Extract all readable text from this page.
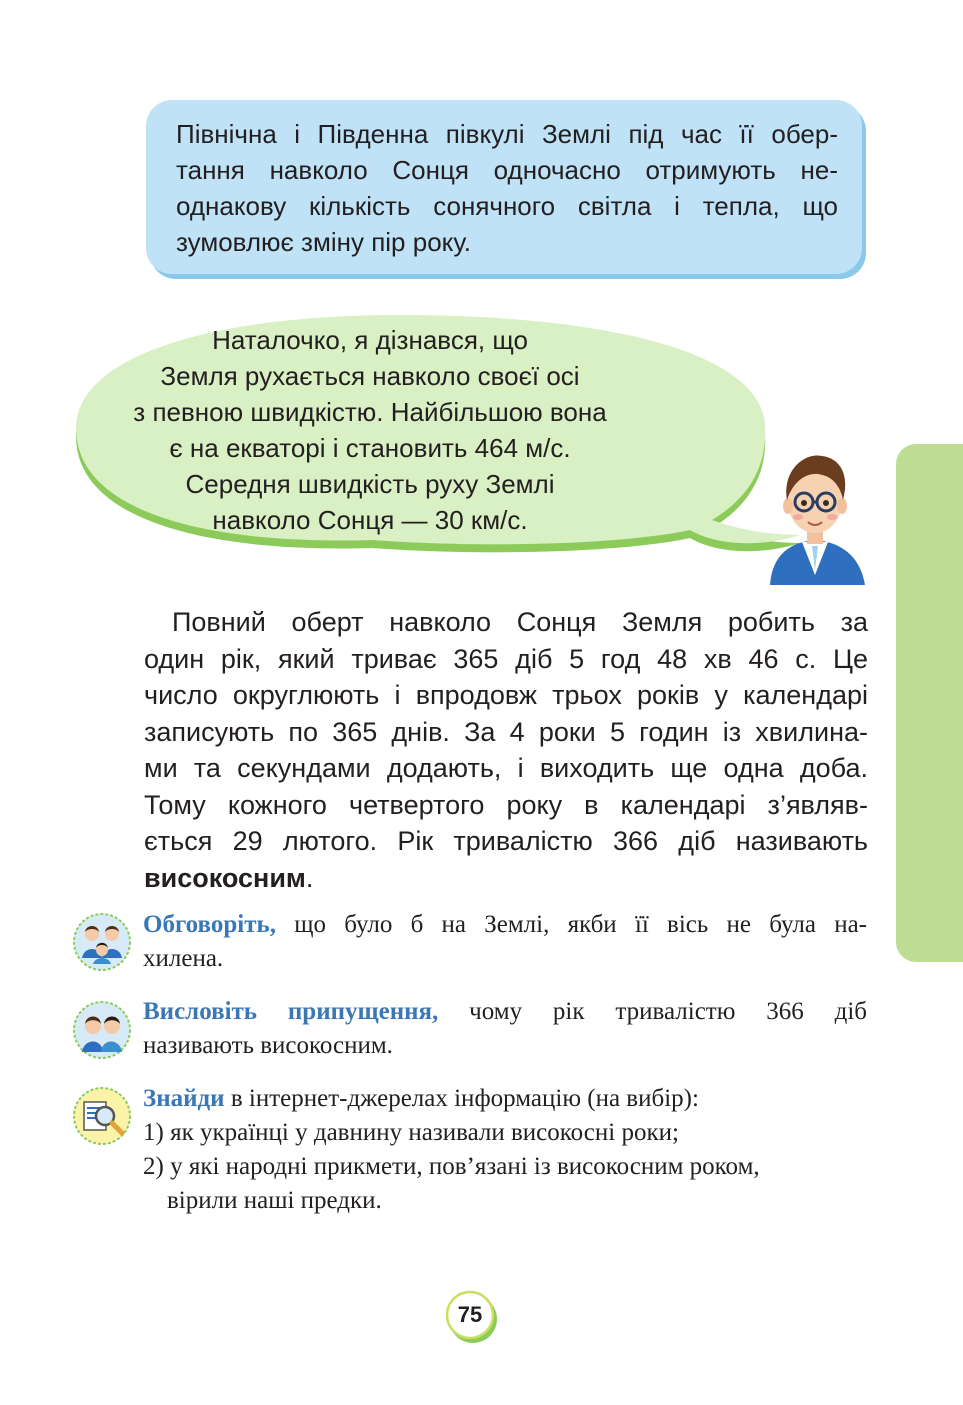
Північна і Південна півкулі Землі під час її обер-

тання навколо Сонця одночасно отримують не-

однакову кількість сонячного світла і тепла, що

зумовлює зміну пір року.

Наталочко, я дізнався, що
Земля рухається навколо своєї осі
з певною швидкістю. Найбільшою вона
є на екваторі і становить 464 м/с.
Середня швидкість руху Землі
навколо Сонця — 30 км/с.
Повний оберт навколо Сонця Земля робить за
один рік, який триває 365 діб 5 год 48 хв 46 с. Це
число округлюють і впродовж трьох років у календарі
записують по 365 днів. За 4 роки 5 годин із хвилина-
ми та секундами додають, і виходить ще одна доба.
Тому кожного четвертого року в календарі з’являв-
ється 29 лютого. Рік тривалістю 366 діб називають
високосним.
Обговоріть, що було б на Землі, якби її вісь не була на-
хилена.
Висловіть припущення, чому рік тривалістю 366 діб
називають високосним.
Знайди в інтернет-джерелах інформацію (на вибір):
1) як українці у давнину називали високосні роки;
2) у які народні прикмети, пов’язані із високосним роком,
вірили наші предки.
75
